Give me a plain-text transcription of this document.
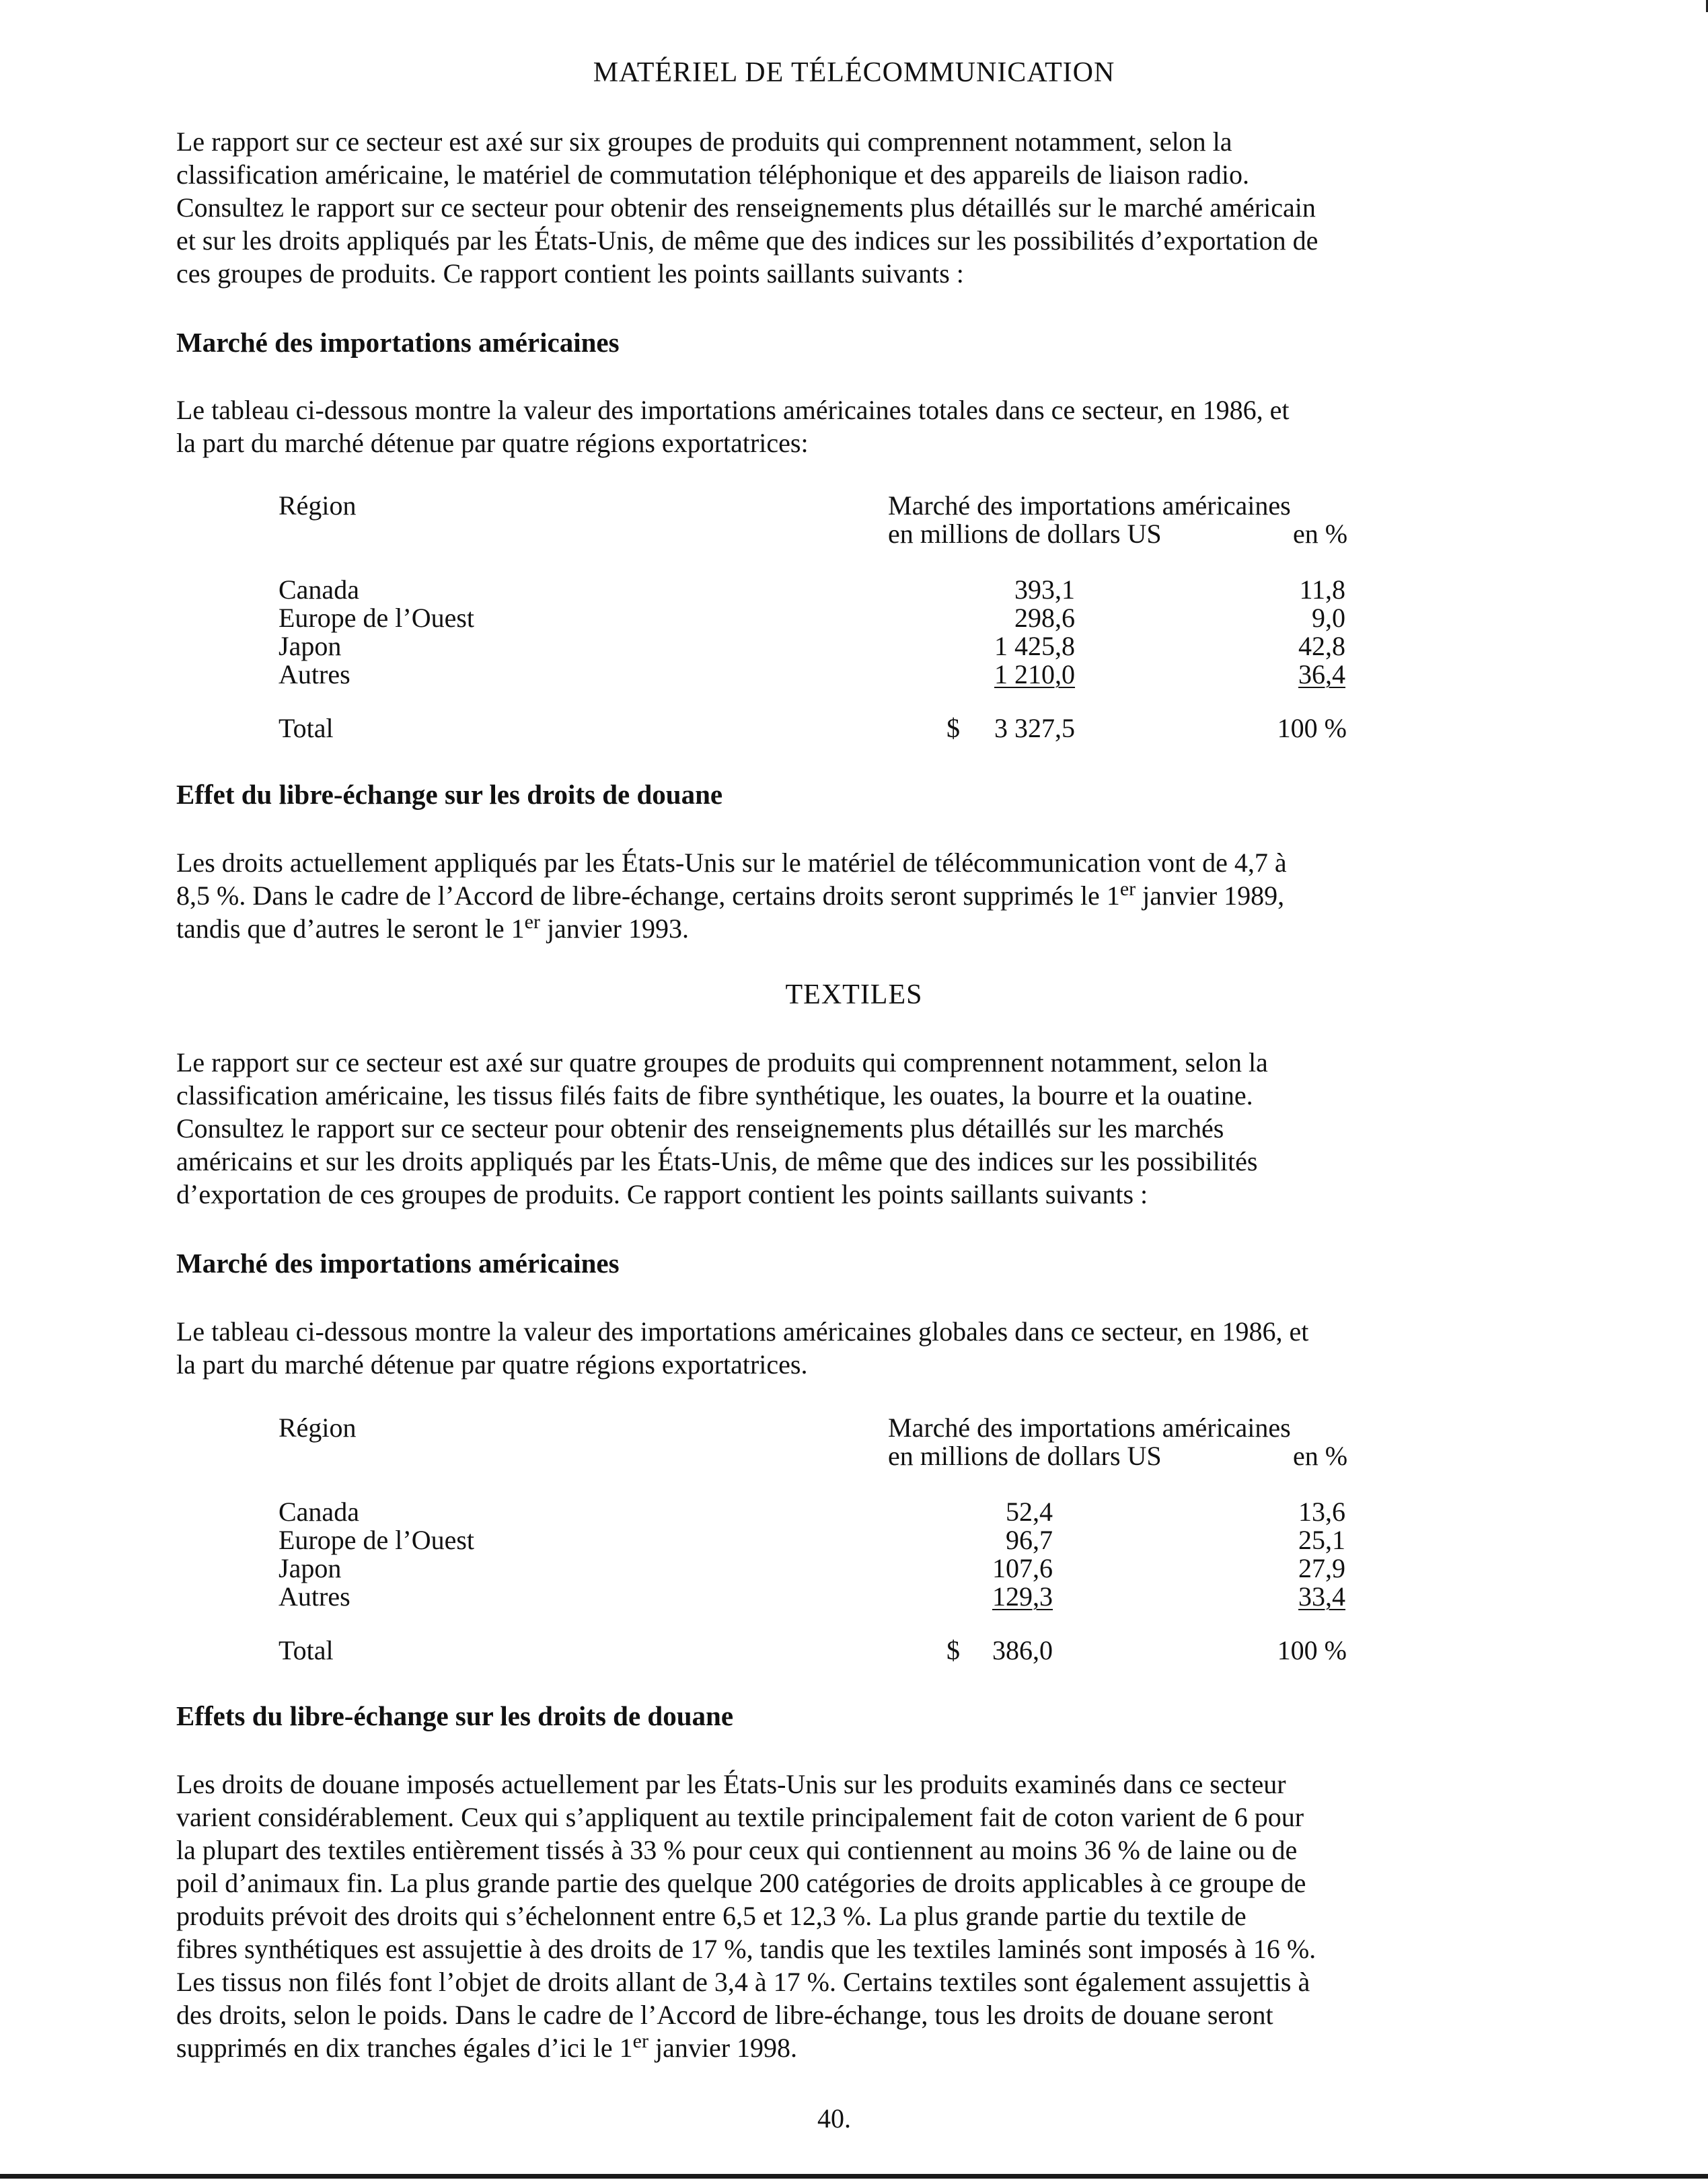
MATÉRIEL DE TÉLÉCOMMUNICATION
Le rapport sur ce secteur est axé sur six groupes de produits qui comprennent notamment, selon la
classification américaine, le matériel de commutation téléphonique et des appareils de liaison radio.
Consultez le rapport sur ce secteur pour obtenir des renseignements plus détaillés sur le marché américain
et sur les droits appliqués par les États-Unis, de même que des indices sur les possibilités d’exportation de
ces groupes de produits. Ce rapport contient les points saillants suivants :
Marché des importations américaines
Le tableau ci-dessous montre la valeur des importations américaines totales dans ce secteur, en 1986, et
la part du marché détenue par quatre régions exportatrices:
Région	Marché des importations américaines
en millions de dollars US	en %
Canada	393,1	11,8
Europe de l’Ouest	298,6	9,0
Japon	1 425,8	42,8
Autres	1 210,0	36,4
Total	$	3 327,5	100 %
Effet du libre-échange sur les droits de douane
Les droits actuellement appliqués par les États-Unis sur le matériel de télécommunication vont de 4,7 à
8,5 %. Dans le cadre de l’Accord de libre-échange, certains droits seront supprimés le 1er janvier 1989,
tandis que d’autres le seront le 1er janvier 1993.
TEXTILES
Le rapport sur ce secteur est axé sur quatre groupes de produits qui comprennent notamment, selon la
classification américaine, les tissus filés faits de fibre synthétique, les ouates, la bourre et la ouatine.
Consultez le rapport sur ce secteur pour obtenir des renseignements plus détaillés sur les marchés
américains et sur les droits appliqués par les États-Unis, de même que des indices sur les possibilités
d’exportation de ces groupes de produits. Ce rapport contient les points saillants suivants :
Marché des importations américaines
Le tableau ci-dessous montre la valeur des importations américaines globales dans ce secteur, en 1986, et
la part du marché détenue par quatre régions exportatrices.
Région	Marché des importations américaines
en millions de dollars US	en %
Canada	52,4	13,6
Europe de l’Ouest	96,7	25,1
Japon	107,6	27,9
Autres	129,3	33,4
Total	$	386,0	100 %
Effets du libre-échange sur les droits de douane
Les droits de douane imposés actuellement par les États-Unis sur les produits examinés dans ce secteur
varient considérablement. Ceux qui s’appliquent au textile principalement fait de coton varient de 6 pour
la plupart des textiles entièrement tissés à 33 % pour ceux qui contiennent au moins 36 % de laine ou de
poil d’animaux fin. La plus grande partie des quelque 200 catégories de droits applicables à ce groupe de
produits prévoit des droits qui s’échelonnent entre 6,5 et 12,3 %. La plus grande partie du textile de
fibres synthétiques est assujettie à des droits de 17 %, tandis que les textiles laminés sont imposés à 16 %.
Les tissus non filés font l’objet de droits allant de 3,4 à 17 %. Certains textiles sont également assujettis à
des droits, selon le poids. Dans le cadre de l’Accord de libre-échange, tous les droits de douane seront
supprimés en dix tranches égales d’ici le 1er janvier 1998.
40.
